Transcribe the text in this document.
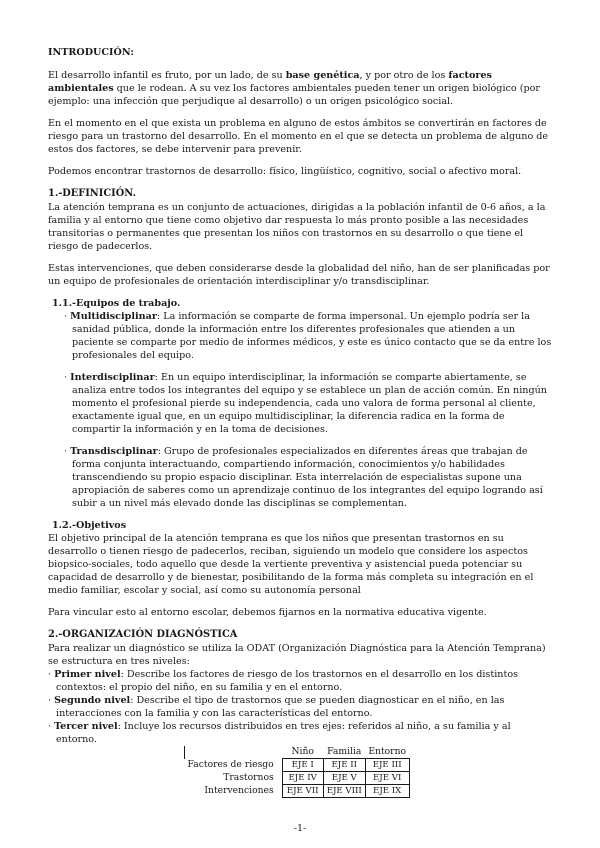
INTRODUCIÓN:

El desarrollo infantil es fruto, por un lado, de su base genética, y por otro de los factores ambientales que le rodean. A su vez los factores ambientales pueden tener un origen biológico (por ejemplo: una infección que perjudique al desarrollo) o un origen psicológico social.

En el momento en el que exista un problema en alguno de estos ámbitos se convertirán en factores de riesgo para un trastorno del desarrollo. En el momento en el que se detecta un problema de alguno de estos dos factores, se debe intervenir para prevenir.

Podemos encontrar trastornos de desarrollo: físico, lingüístico, cognitivo, social o afectivo moral.

1.-DEFINICIÓN.

La atención temprana es un conjunto de actuaciones, dirigidas a la población infantil de 0-6 años, a la familia y al entorno que tiene como objetivo dar respuesta lo más pronto posible a las necesidades transitorias o permanentes que presentan los niños con trastornos en su desarrollo o que tiene el riesgo de padecerlos.

Estas intervenciones, que deben considerarse desde la globalidad del niño, han de ser planificadas por un equipo de profesionales de orientación interdisciplinar y/o transdisciplinar.

1.1.-Equipos de trabajo.

· Multidisciplinar: La información se comparte de forma impersonal. Un ejemplo podría ser la sanidad pública, donde la información entre los diferentes profesionales que atienden a un paciente se comparte por medio de informes médicos, y este es único contacto que se da entre los profesionales del equipo.

· Interdisciplinar: En un equipo interdisciplinar, la información se comparte abiertamente, se analiza entre todos los integrantes del equipo y se establece un plan de acción común. En ningún momento el profesional pierde su independencia, cada uno valora de forma personal al cliente, exactamente igual que, en un equipo multidisciplinar, la diferencia radica en la forma de compartir la información y en la toma de decisiones.

· Transdisciplinar: Grupo de profesionales especializados en diferentes áreas que trabajan de forma conjunta interactuando, compartiendo información, conocimientos y/o habilidades transcendiendo su propio espacio disciplinar. Esta interrelación de especialistas supone una apropiación de saberes como un aprendizaje continuo de los integrantes del equipo logrando así subir a un nivel más elevado donde las disciplinas se complementan.

1.2.-Objetivos

El objetivo principal de la atención temprana es que los niños que presentan trastornos en su desarrollo o tienen riesgo de padecerlos, reciban, siguiendo un modelo que considere los aspectos biopsico-sociales, todo aquello que desde la vertiente preventiva y asistencial pueda potenciar su capacidad de desarrollo y de bienestar, posibilitando de la forma más completa su integración en el medio familiar, escolar y social, así como su autonomía personal

Para vincular esto al entorno escolar, debemos fijarnos en la normativa educativa vigente.

2.-ORGANIZACIÓN DIAGNÓSTICA

Para realizar un diagnóstico se utiliza la ODAT (Organización Diagnóstica para la Atención Temprana) se estructura en tres niveles:

· Primer nivel: Describe los factores de riesgo de los trastornos en el desarrollo en los distintos contextos: el propio del niño, en su familia y en el entorno.

· Segundo nivel: Describe el tipo de trastornos que se pueden diagnosticar en el niño, en las interacciones con la familia y con las características del entorno.

· Tercer nivel: Incluye los recursos distribuidos en tres ejes: referidos al niño, a su familia y al entorno.

	Niño	Familia	Entorno
Factores de riesgo	EJE I	EJE II	EJE III
Trastornos	EJE IV	EJE V	EJE VI
Intervenciones	EJE VII	EJE VIII	EJE IX
-1-
